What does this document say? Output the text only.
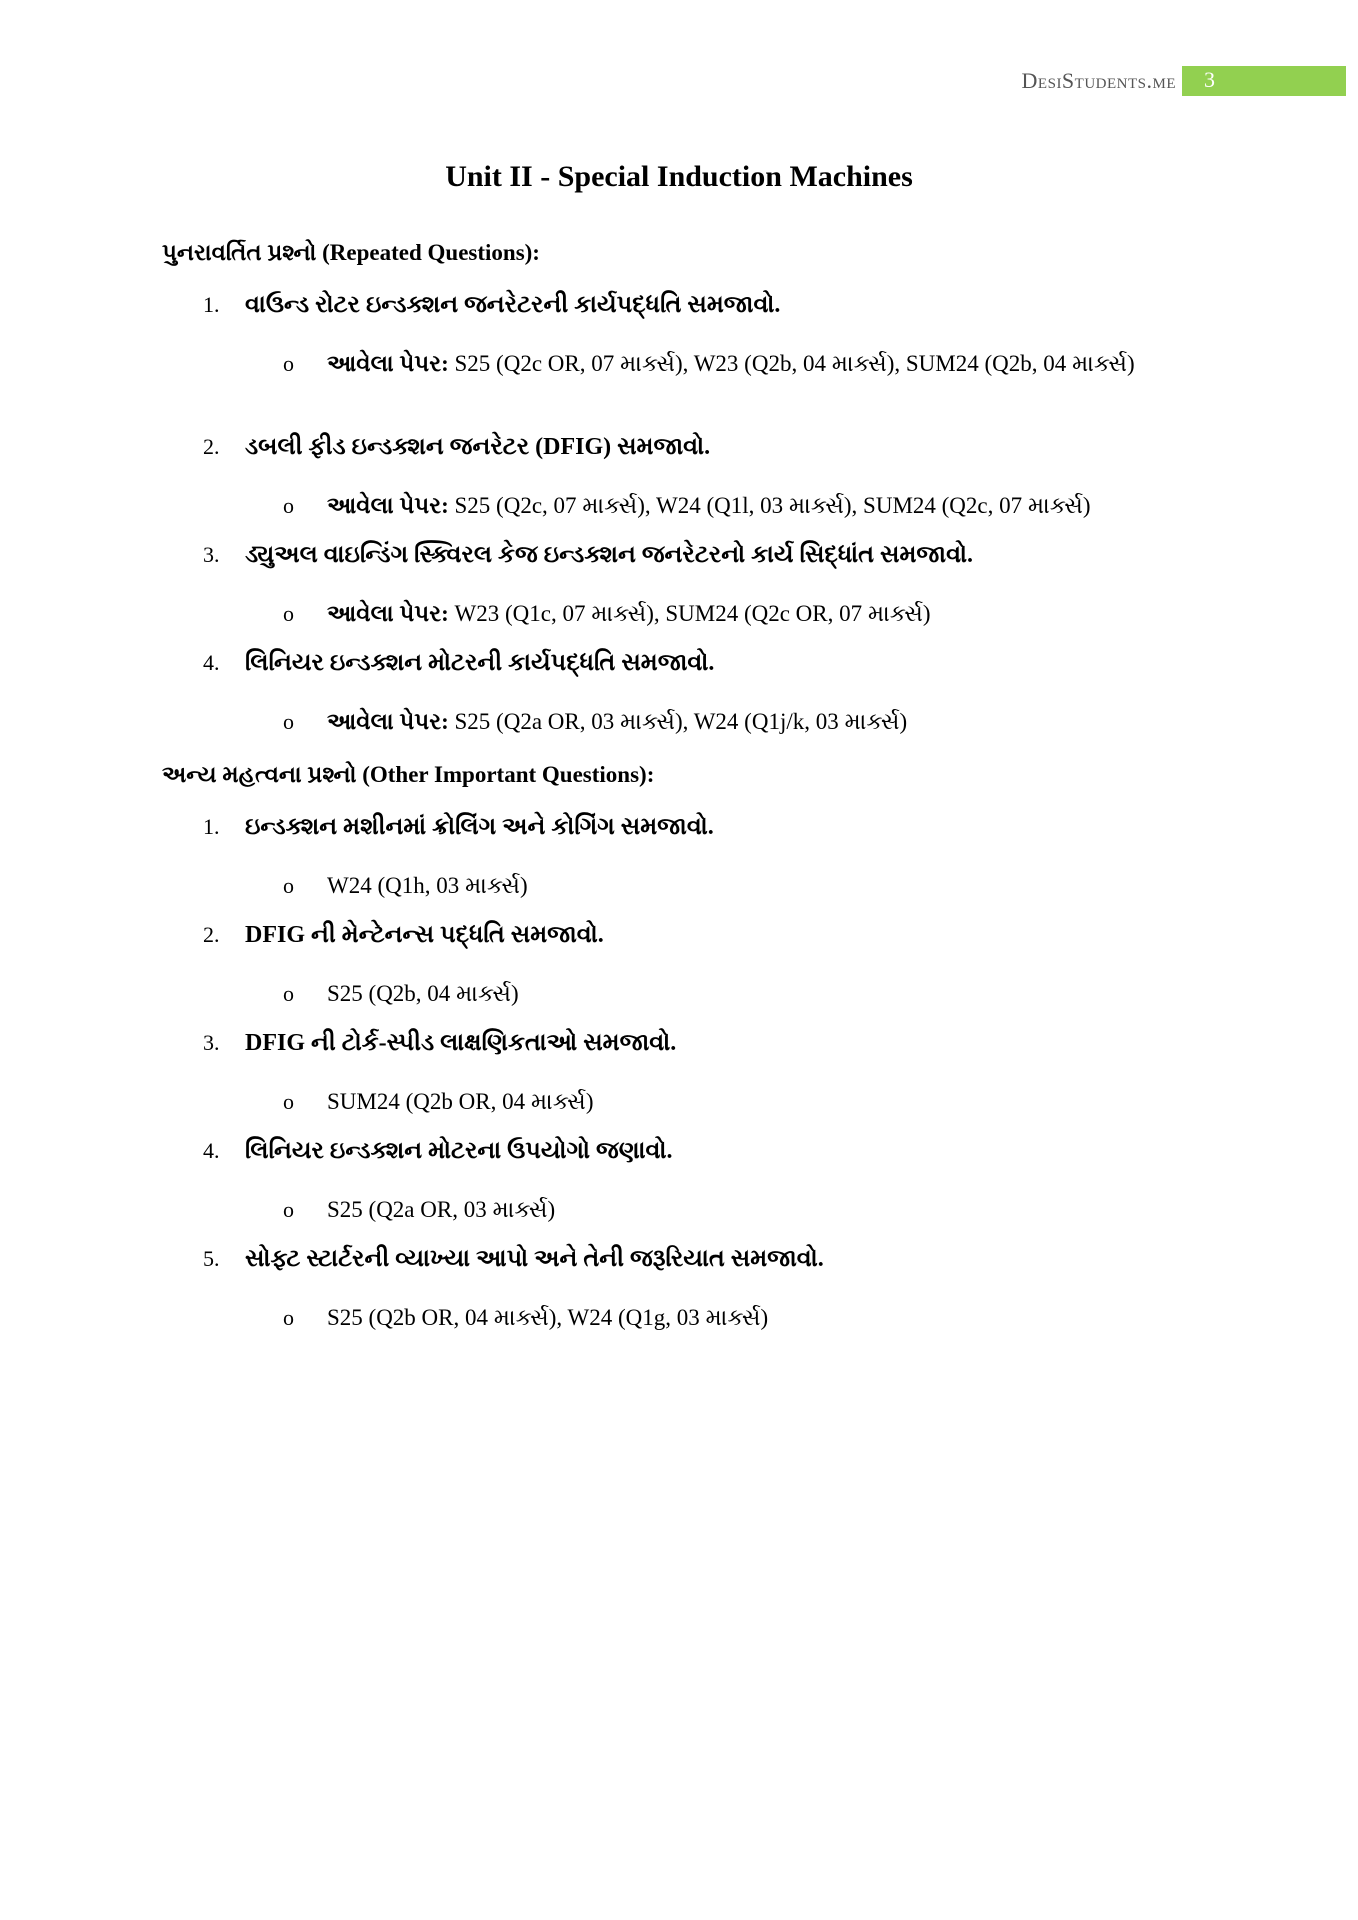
DesiStudents.me 3
Unit II - Special Induction Machines
પુનરાવર્તિત પ્રશ્નો (Repeated Questions):
1. વાઉન્ડ રોટર ઇન્ડક્શન જનરેટરની કાર્યપદ્ધતિ સમજાવો.
o આવેલા પેપર: S25 (Q2c OR, 07 માર્ક્સ), W23 (Q2b, 04 માર્ક્સ), SUM24 (Q2b, 04 માર્ક્સ)
2. ડબલી ફીડ ઇન્ડક્શન જનરેટર (DFIG) સમજાવો.
o આવેલા પેપર: S25 (Q2c, 07 માર્ક્સ), W24 (Q1l, 03 માર્ક્સ), SUM24 (Q2c, 07 માર્ક્સ)
3. ડ્યુઅલ વાઇન્ડિંગ સ્ક્વિરલ કેજ ઇન્ડક્શન જનરેટરનો કાર્ય સિદ્ધાંત સમજાવો.
o આવેલા પેપર: W23 (Q1c, 07 માર્ક્સ), SUM24 (Q2c OR, 07 માર્ક્સ)
4. લિનિયર ઇન્ડક્શન મોટરની કાર્યપદ્ધતિ સમજાવો.
o આવેલા પેપર: S25 (Q2a OR, 03 માર્ક્સ), W24 (Q1j/k, 03 માર્ક્સ)
અન્ય મહત્વના પ્રશ્નો (Other Important Questions):
1. ઇન્ડક્શન મશીનમાં ક્રોલિંગ અને કોગિંગ સમજાવો.
o W24 (Q1h, 03 માર્ક્સ)
2. DFIG ની મેન્ટેનન્સ પદ્ધતિ સમજાવો.
o S25 (Q2b, 04 માર્ક્સ)
3. DFIG ની ટોર્ક-સ્પીડ લાક્ષણિકતાઓ સમજાવો.
o SUM24 (Q2b OR, 04 માર્ક્સ)
4. લિનિયર ઇન્ડક્શન મોટરના ઉપયોગો જણાવો.
o S25 (Q2a OR, 03 માર્ક્સ)
5. સોફ્ટ સ્ટાર્ટરની વ્યાખ્યા આપો અને તેની જરૂરિયાત સમજાવો.
o S25 (Q2b OR, 04 માર્ક્સ), W24 (Q1g, 03 માર્ક્સ)
